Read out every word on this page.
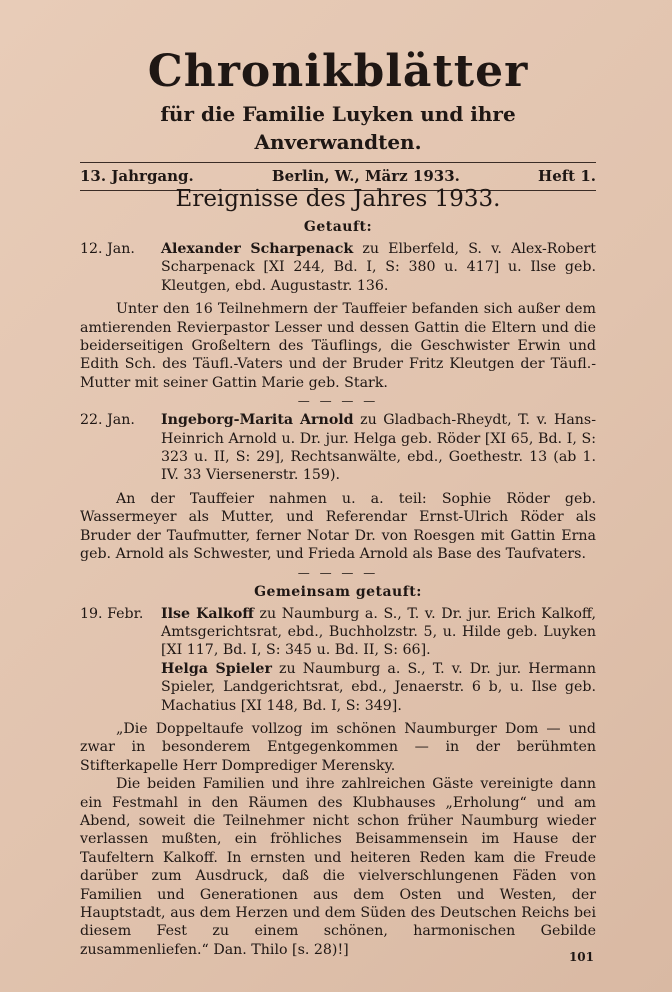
Chronikblätter
für die Familie Luyken und ihre Anverwandten.
13. Jahrgang.	Berlin, W., März 1933.	Heft 1.
Ereignisse des Jahres 1933.
Getauft:
12. Jan. Alexander Scharpenack zu Elberfeld, S. v. Alex-Robert Scharpenack [XI 244, Bd. I, S: 380 u. 417] u. Ilse geb. Kleutgen, ebd. Augustastr. 136.

Unter den 16 Teilnehmern der Tauffeier befanden sich außer dem amtierenden Revierpastor Lesser und dessen Gattin die Eltern und die beiderseitigen Großeltern des Täuflings, die Geschwister Erwin und Edith Sch. des Täufl.-Vaters und der Bruder Fritz Kleutgen der Täufl.-Mutter mit seiner Gattin Marie geb. Stark.

— — — —
22. Jan. Ingeborg-Marita Arnold zu Gladbach-Rheydt, T. v. Hans-Heinrich Arnold u. Dr. jur. Helga geb. Röder [XI 65, Bd. I, S: 323 u. II, S: 29], Rechtsanwälte, ebd., Goethestr. 13 (ab 1. IV. 33 Viersenerstr. 159).

An der Tauffeier nahmen u. a. teil: Sophie Röder geb. Wassermeyer als Mutter, und Referendar Ernst-Ulrich Röder als Bruder der Taufmutter, ferner Notar Dr. von Roesgen mit Gattin Erna geb. Arnold als Schwester, und Frieda Arnold als Base des Taufvaters.

— — — —
Gemeinsam getauft:
19. Febr. Ilse Kalkoff zu Naumburg a. S., T. v. Dr. jur. Erich Kalkoff, Amtsgerichtsrat, ebd., Buchholzstr. 5, u. Hilde geb. Luyken [XI 117, Bd. I, S: 345 u. Bd. II, S: 66].
Helga Spieler zu Naumburg a. S., T. v. Dr. jur. Hermann Spieler, Landgerichtsrat, ebd., Jenaerstr. 6 b, u. Ilse geb. Machatius [XI 148, Bd. I, S: 349].

„Die Doppeltaufe vollzog im schönen Naumburger Dom — und zwar in besonderem Entgegenkommen — in der berühmten Stifterkapelle Herr Domprediger Merensky.

Die beiden Familien und ihre zahlreichen Gäste vereinigte dann ein Festmahl in den Räumen des Klubhauses „Erholung“ und am Abend, soweit die Teilnehmer nicht schon früher Naumburg wieder verlassen mußten, ein fröhliches Beisammensein im Hause der Taufeltern Kalkoff. In ernsten und heiteren Reden kam die Freude darüber zum Ausdruck, daß die vielverschlungenen Fäden von Familien und Generationen aus dem Osten und Westen, der Hauptstadt, aus dem Herzen und dem Süden des Deutschen Reichs bei diesem Fest zu einem schönen, harmonischen Gebilde zusammenliefen.“ Dan. Thilo [s. 28)!]	101
